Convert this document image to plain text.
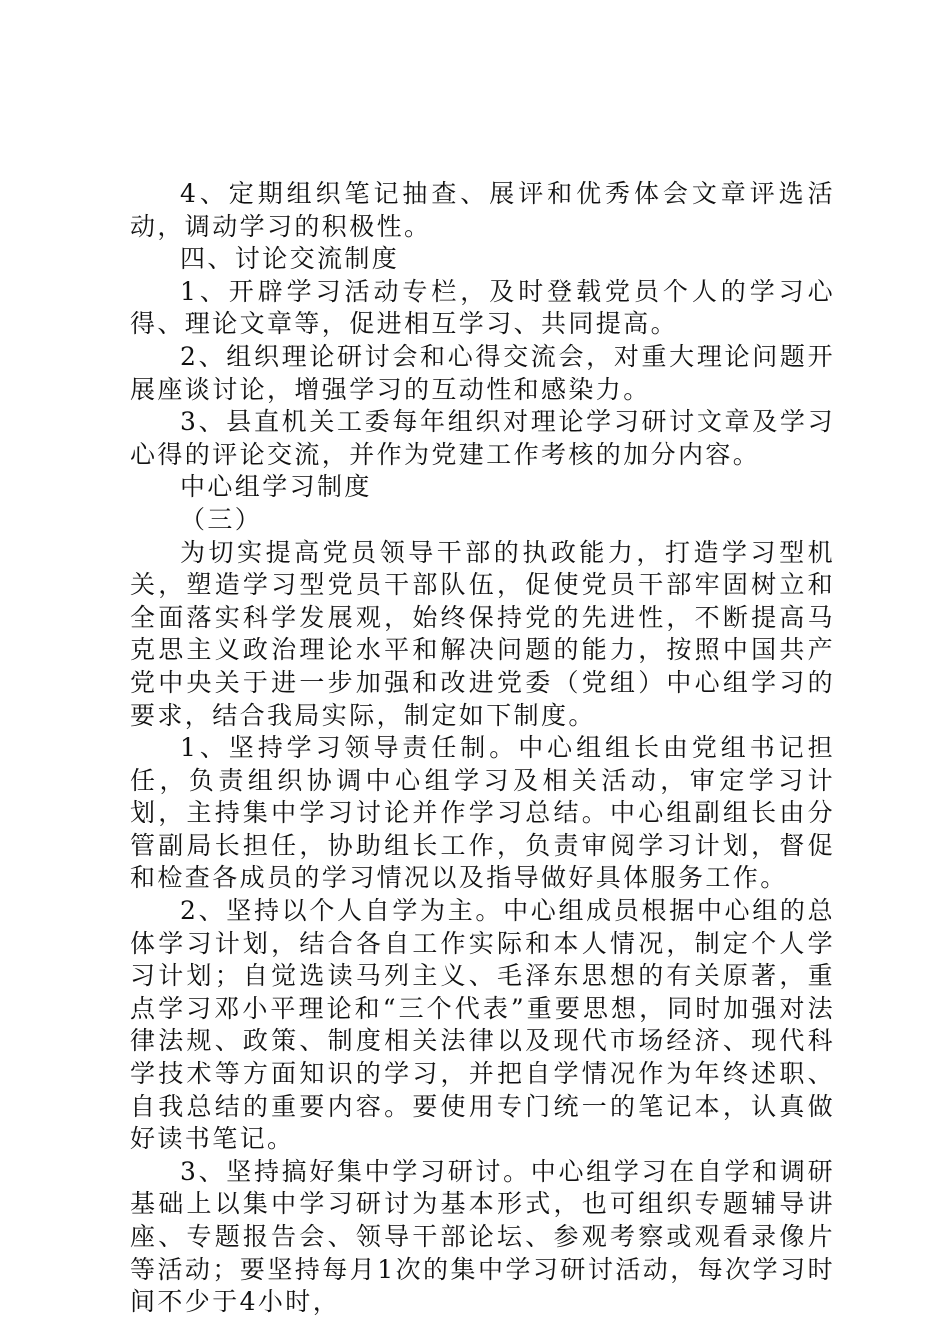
4、定期组织笔记抽查、展评和优秀体会文章评选活动，调动学习的积极性。

四、讨论交流制度

1、开辟学习活动专栏，及时登载党员个人的学习心得、理论文章等，促进相互学习、共同提高。

2、组织理论研讨会和心得交流会，对重大理论问题开展座谈讨论，增强学习的互动性和感染力。

3、县直机关工委每年组织对理论学习研讨文章及学习心得的评论交流，并作为党建工作考核的加分内容。

中心组学习制度

（三）

为切实提高党员领导干部的执政能力，打造学习型机关，塑造学习型党员干部队伍，促使党员干部牢固树立和全面落实科学发展观，始终保持党的先进性，不断提高马克思主义政治理论水平和解决问题的能力，按照中国共产党中央关于进一步加强和改进党委（党组）中心组学习的要求，结合我局实际，制定如下制度。

1、坚持学习领导责任制。中心组组长由党组书记担任，负责组织协调中心组学习及相关活动，审定学习计划，主持集中学习讨论并作学习总结。中心组副组长由分管副局长担任，协助组长工作，负责审阅学习计划，督促和检查各成员的学习情况以及指导做好具体服务工作。

2、坚持以个人自学为主。中心组成员根据中心组的总体学习计划，结合各自工作实际和本人情况，制定个人学习计划；自觉选读马列主义、毛泽东思想的有关原著，重点学习邓小平理论和“三个代表”重要思想，同时加强对法律法规、政策、制度相关法律以及现代市场经济、现代科学技术等方面知识的学习，并把自学情况作为年终述职、自我总结的重要内容。要使用专门统一的笔记本，认真做好读书笔记。

3、坚持搞好集中学习研讨。中心组学习在自学和调研基础上以集中学习研讨为基本形式，也可组织专题辅导讲座、专题报告会、领导干部论坛、参观考察或观看录像片等活动；要坚持每月1次的集中学习研讨活动，每次学习时间不少于4小时，
